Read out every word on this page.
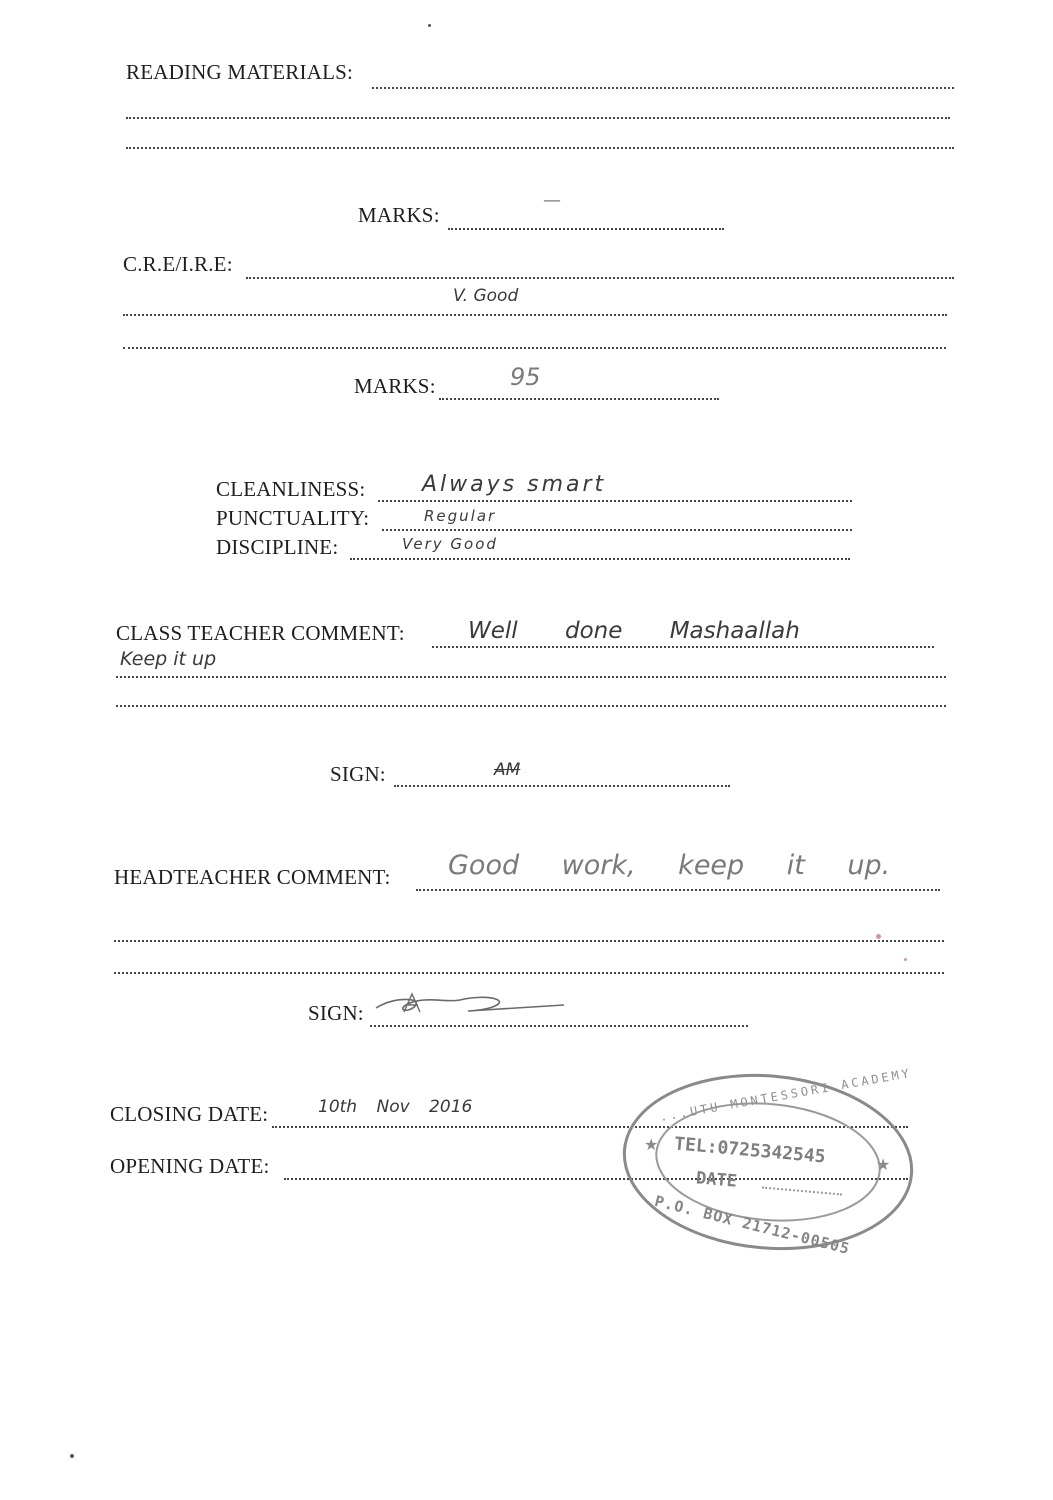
READING MATERIALS:
MARKS:
—
C.R.E/I.R.E:
V. Good
MARKS:	95
CLEANLINESS:	Always smart
PUNCTUALITY:	Regular
DISCIPLINE:	Very Good
CLASS TEACHER COMMENT:	Well done Mashaallah
Keep it up
SIGN:	AM
HEADTEACHER COMMENT: Good work, keep it up.
SIGN:
CLOSING DATE:	10th Nov 2016
OPENING DATE:
★
★
...UTU MONTESSORI ACADEMY
TEL:0725342545
DATE
P.O. BOX 21712-00505
